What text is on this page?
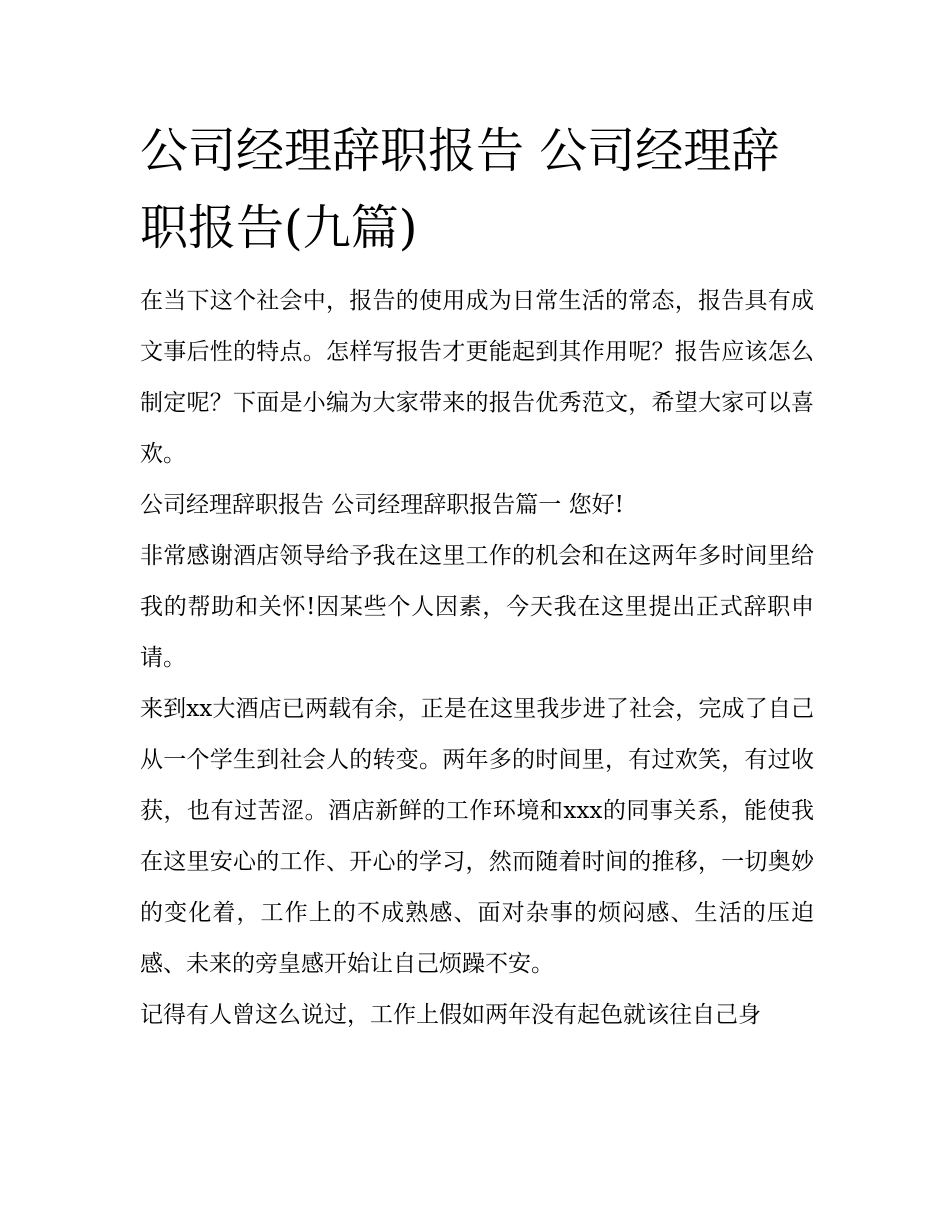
公司经理辞职报告 公司经理辞职报告(九篇)

在当下这个社会中，报告的使用成为日常生活的常态，报告具有成文事后性的特点。怎样写报告才更能起到其作用呢？报告应该怎么制定呢？下面是小编为大家带来的报告优秀范文，希望大家可以喜欢。

公司经理辞职报告 公司经理辞职报告篇一 您好!

非常感谢酒店领导给予我在这里工作的机会和在这两年多时间里给我的帮助和关怀!因某些个人因素，今天我在这里提出正式辞职申请。

来到xx大酒店已两载有余，正是在这里我步进了社会，完成了自己从一个学生到社会人的转变。两年多的时间里，有过欢笑，有过收获，也有过苦涩。酒店新鲜的工作环境和xxx的同事关系，能使我在这里安心的工作、开心的学习，然而随着时间的推移，一切奥妙的变化着，工作上的不成熟感、面对杂事的烦闷感、生活的压迫感、未来的旁皇感开始让自己烦躁不安。

记得有人曾这么说过，工作上假如两年没有起色就该往自己身
